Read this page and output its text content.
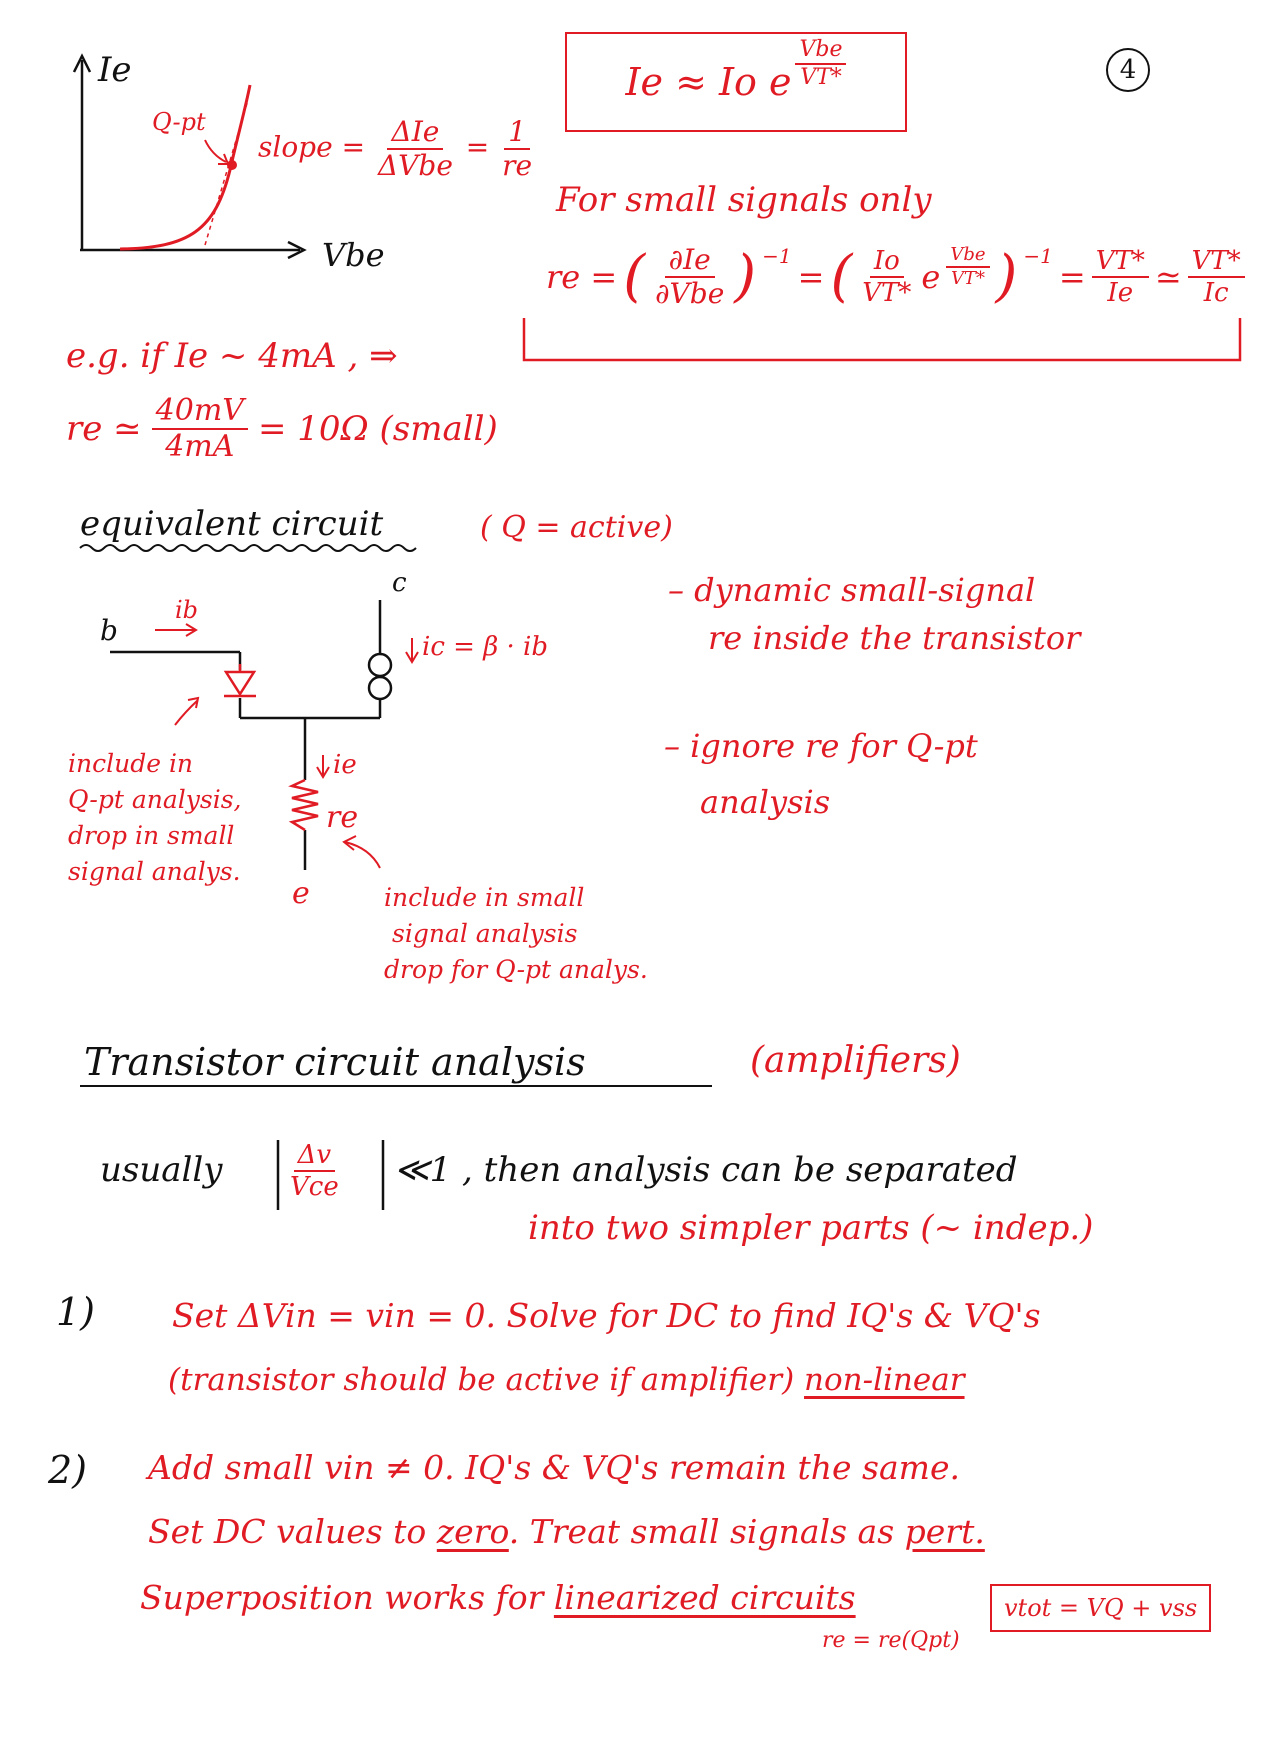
4
Ie
Vbe
Q-pt
slope = $\frac{\text{ΔIe}}{\text{ΔVbe}} = \frac{1}{re}$
Ie ≈ Io e $\frac{\text{Vbe}}{VT*}$
For small signals only
re = ( $\frac{\partial Ie}{\text{∂Vbe}}$ ) $^{-1}$
= ( $\frac{Io}{VT*}$ e $\frac{\text{Vbe}}{VT*}$ ) $^{-1}$
= $\frac{VT*}{Ie}$ ≃ $\frac{VT*}{Ic}$
e.g. if Ie ~ 4mA , ⇒
re ≃ $\frac{40mV}{4mA} = 10\Omega$ (small)
equivalent circuit	( Q = active)
b
ib
c
ic = β · ib
ie
re
e
include in
Q-pt analysis,
drop in small
signal analys.
include in small
signal analysis
drop for Q-pt analys.
– dynamic small-signal
re inside the transistor
– ignore re for Q-pt
analysis
Transistor circuit analysis	(amplifiers)
usually $\frac{\Delta v}{\text{Vce}}$ ≪1 , then analysis can be separated
into two simpler parts (~ indep.)
1) Set ΔVin = vin = 0. Solve for DC to find IQ's & VQ's
(transistor should be active if amplifier) non-linear
2) Add small vin ≠ 0. IQ's & VQ's remain the same.
Set DC values to zero. Treat small signals as pert.
Superposition works for linearized circuits
re = re(Qpt)
vtot = VQ + vss
